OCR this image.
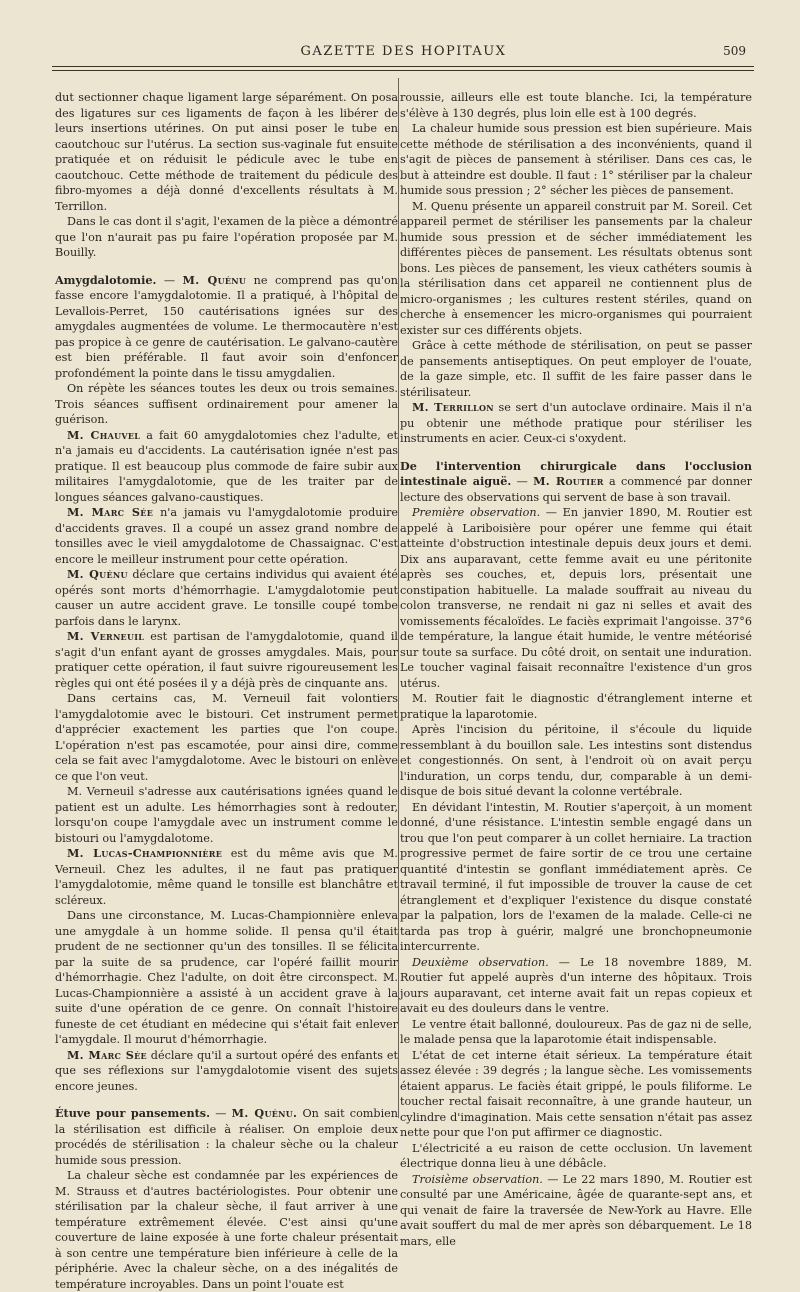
GAZETTE DES HOPITAUX	509

dut sectionner chaque ligament large séparément. On posa des ligatures sur ces ligaments de façon à les libérer de leurs insertions utérines. On put ainsi poser le tube en caoutchouc sur l'utérus. La section sus-vaginale fut ensuite pratiquée et on réduisit le pédicule avec le tube en caoutchouc. Cette méthode de traitement du pédicule des fibro-myomes a déjà donné d'excellents résultats à M. Terrillon.

Dans le cas dont il s'agit, l'examen de la pièce a démontré que l'on n'aurait pas pu faire l'opération proposée par M. Bouilly.

Amygdalotomie. — M. Quénu ne comprend pas qu'on fasse encore l'amygdalotomie. Il a pratiqué, à l'hôpital de Levallois-Perret, 150 cautérisations ignées sur des amygdales augmentées de volume. Le thermocautère n'est pas propice à ce genre de cautérisation. Le galvano-cautère est bien préférable. Il faut avoir soin d'enfoncer profondément la pointe dans le tissu amygdalien.

On répète les séances toutes les deux ou trois semaines. Trois séances suffisent ordinairement pour amener la guérison.

M. Chauvel a fait 60 amygdalotomies chez l'adulte, et n'a jamais eu d'accidents. La cautérisation ignée n'est pas pratique. Il est beaucoup plus commode de faire subir aux militaires l'amygdalotomie, que de les traiter par de longues séances galvano-caustiques.

M. Marc Sée n'a jamais vu l'amygdalotomie produire d'accidents graves. Il a coupé un assez grand nombre de tonsilles avec le vieil amygdalotome de Chassaignac. C'est encore le meilleur instrument pour cette opération.

M. Quénu déclare que certains individus qui avaient été opérés sont morts d'hémorrhagie. L'amygdalotomie peut causer un autre accident grave. Le tonsille coupé tombe parfois dans le larynx.

M. Verneuil est partisan de l'amygdalotomie, quand il s'agit d'un enfant ayant de grosses amygdales. Mais, pour pratiquer cette opération, il faut suivre rigoureusement les règles qui ont été posées il y a déjà près de cinquante ans.

Dans certains cas, M. Verneuil fait volontiers l'amygdalotomie avec le bistouri. Cet instrument permet d'apprécier exactement les parties que l'on coupe. L'opération n'est pas escamotée, pour ainsi dire, comme cela se fait avec l'amygdalotome. Avec le bistouri on enlève ce que l'on veut.

M. Verneuil s'adresse aux cautérisations ignées quand le patient est un adulte. Les hémorrhagies sont à redouter, lorsqu'on coupe l'amygdale avec un instrument comme le bistouri ou l'amygdalotome.

M. Lucas-Championnière est du même avis que M. Verneuil. Chez les adultes, il ne faut pas pratiquer l'amygdalotomie, même quand le tonsille est blanchâtre et scléreux.

Dans une circonstance, M. Lucas-Championnière enleva une amygdale à un homme solide. Il pensa qu'il était prudent de ne sectionner qu'un des tonsilles. Il se félicita par la suite de sa prudence, car l'opéré faillit mourir d'hémorrhagie. Chez l'adulte, on doit être circonspect. M. Lucas-Championnière a assisté à un accident grave à la suite d'une opération de ce genre. On connaît l'histoire funeste de cet étudiant en médecine qui s'était fait enlever l'amygdale. Il mourut d'hémorrhagie.

M. Marc Sée déclare qu'il a surtout opéré des enfants et que ses réflexions sur l'amygdalotomie visent des sujets encore jeunes.

Étuve pour pansements. — M. Quénu. On sait combien la stérilisation est difficile à réaliser. On emploie deux procédés de stérilisation : la chaleur sèche ou la chaleur humide sous pression.

La chaleur sèche est condamnée par les expériences de M. Strauss et d'autres bactériologistes. Pour obtenir une stérilisation par la chaleur sèche, il faut arriver à une température extrêmement élevée. C'est ainsi qu'une couverture de laine exposée à une forte chaleur présentait à son centre une température bien inférieure à celle de la périphérie. Avec la chaleur sèche, on a des inégalités de température incroyables. Dans un point l'ouate est

roussie, ailleurs elle est toute blanche. Ici, la température s'élève à 130 degrés, plus loin elle est à 100 degrés.

La chaleur humide sous pression est bien supérieure. Mais cette méthode de stérilisation a des inconvénients, quand il s'agit de pièces de pansement à stériliser. Dans ces cas, le but à atteindre est double. Il faut : 1° stériliser par la chaleur humide sous pression ; 2° sécher les pièces de pansement.

M. Quenu présente un appareil construit par M. Soreil. Cet appareil permet de stériliser les pansements par la chaleur humide sous pression et de sécher immédiatement les différentes pièces de pansement. Les résultats obtenus sont bons. Les pièces de pansement, les vieux cathéters soumis à la stérilisation dans cet appareil ne contiennent plus de micro-organismes ; les cultures restent stériles, quand on cherche à ensemencer les micro-organismes qui pourraient exister sur ces différents objets.

Grâce à cette méthode de stérilisation, on peut se passer de pansements antiseptiques. On peut employer de l'ouate, de la gaze simple, etc. Il suffit de les faire passer dans le stérilisateur.

M. Terrillon se sert d'un autoclave ordinaire. Mais il n'a pu obtenir une méthode pratique pour stériliser les instruments en acier. Ceux-ci s'oxydent.

De l'intervention chirurgicale dans l'occlusion intestinale aiguë. — M. Routier a commencé par donner lecture des observations qui servent de base à son travail.

Première observation. — En janvier 1890, M. Routier est appelé à Lariboisière pour opérer une femme qui était atteinte d'obstruction intestinale depuis deux jours et demi. Dix ans auparavant, cette femme avait eu une péritonite après ses couches, et, depuis lors, présentait une constipation habituelle. La malade souffrait au niveau du colon transverse, ne rendait ni gaz ni selles et avait des vomissements fécaloïdes. Le faciès exprimait l'angoisse. 37°6 de température, la langue était humide, le ventre météorisé sur toute sa surface. Du côté droit, on sentait une induration. Le toucher vaginal faisait reconnaître l'existence d'un gros utérus.

M. Routier fait le diagnostic d'étranglement interne et pratique la laparotomie.

Après l'incision du péritoine, il s'écoule du liquide ressemblant à du bouillon sale. Les intestins sont distendus et congestionnés. On sent, à l'endroit où on avait perçu l'induration, un corps tendu, dur, comparable à un demi-disque de bois situé devant la colonne vertébrale.

En dévidant l'intestin, M. Routier s'aperçoit, à un moment donné, d'une résistance. L'intestin semble engagé dans un trou que l'on peut comparer à un collet herniaire. La traction progressive permet de faire sortir de ce trou une certaine quantité d'intestin se gonflant immédiatement après. Ce travail terminé, il fut impossible de trouver la cause de cet étranglement et d'expliquer l'existence du disque constaté par la palpation, lors de l'examen de la malade. Celle-ci ne tarda pas trop à guérir, malgré une bronchopneumonie intercurrente.

Deuxième observation. — Le 18 novembre 1889, M. Routier fut appelé auprès d'un interne des hôpitaux. Trois jours auparavant, cet interne avait fait un repas copieux et avait eu des douleurs dans le ventre.

Le ventre était ballonné, douloureux. Pas de gaz ni de selle, le malade pensa que la laparotomie était indispensable.

L'état de cet interne était sérieux. La température était assez élevée : 39 degrés ; la langue sèche. Les vomissements étaient apparus. Le faciès était grippé, le pouls filiforme. Le toucher rectal faisait reconnaître, à une grande hauteur, un cylindre d'imagination. Mais cette sensation n'était pas assez nette pour que l'on put affirmer ce diagnostic.

L'électricité a eu raison de cette occlusion. Un lavement électrique donna lieu à une débâcle.

Troisième observation. — Le 22 mars 1890, M. Routier est consulté par une Américaine, âgée de quarante-sept ans, et qui venait de faire la traversée de New-York au Havre. Elle avait souffert du mal de mer après son débarquement. Le 18 mars, elle
